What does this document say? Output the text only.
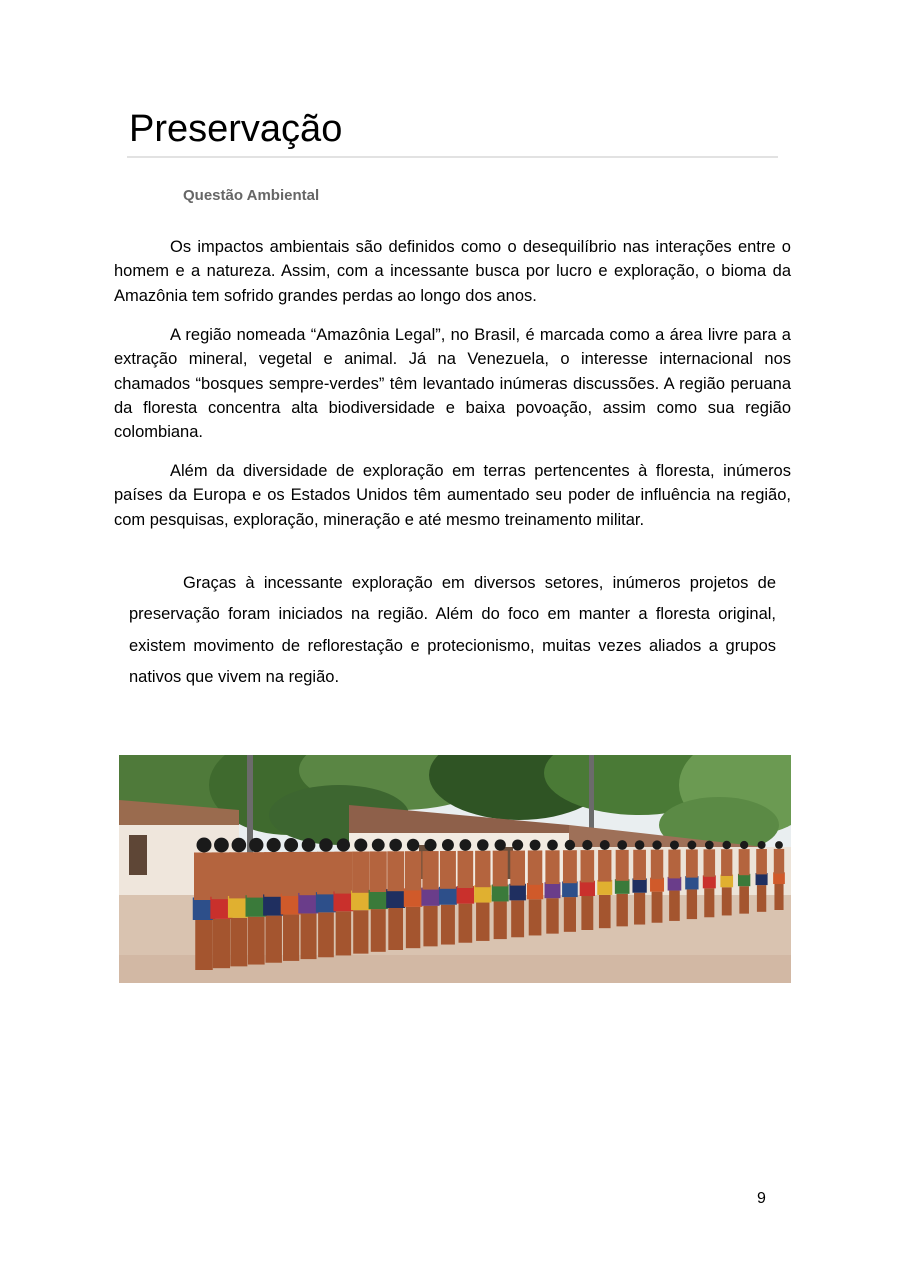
Preservação
Questão Ambiental

Os impactos ambientais são definidos como o desequilíbrio nas interações entre o homem e a natureza. Assim, com a incessante busca por lucro e exploração, o bioma da Amazônia tem sofrido grandes perdas ao longo dos anos.

A região nomeada “Amazônia Legal”, no Brasil, é marcada como a área livre para a extração mineral, vegetal e animal. Já na Venezuela, o interesse internacional nos chamados “bosques sempre-verdes” têm levantado inúmeras discussões. A região peruana da floresta concentra alta biodiversidade e baixa povoação, assim como sua região colombiana.

Além da diversidade de exploração em terras pertencentes à floresta, inúmeros países da Europa e os Estados Unidos têm aumentado seu poder de influência na região, com pesquisas, exploração, mineração e até mesmo treinamento militar.

Graças à incessante exploração em diversos setores, inúmeros projetos de preservação foram iniciados na região. Além do foco em manter a floresta original, existem movimento de reflorestação e protecionismo, muitas vezes aliados a grupos nativos que vivem na região.

9
